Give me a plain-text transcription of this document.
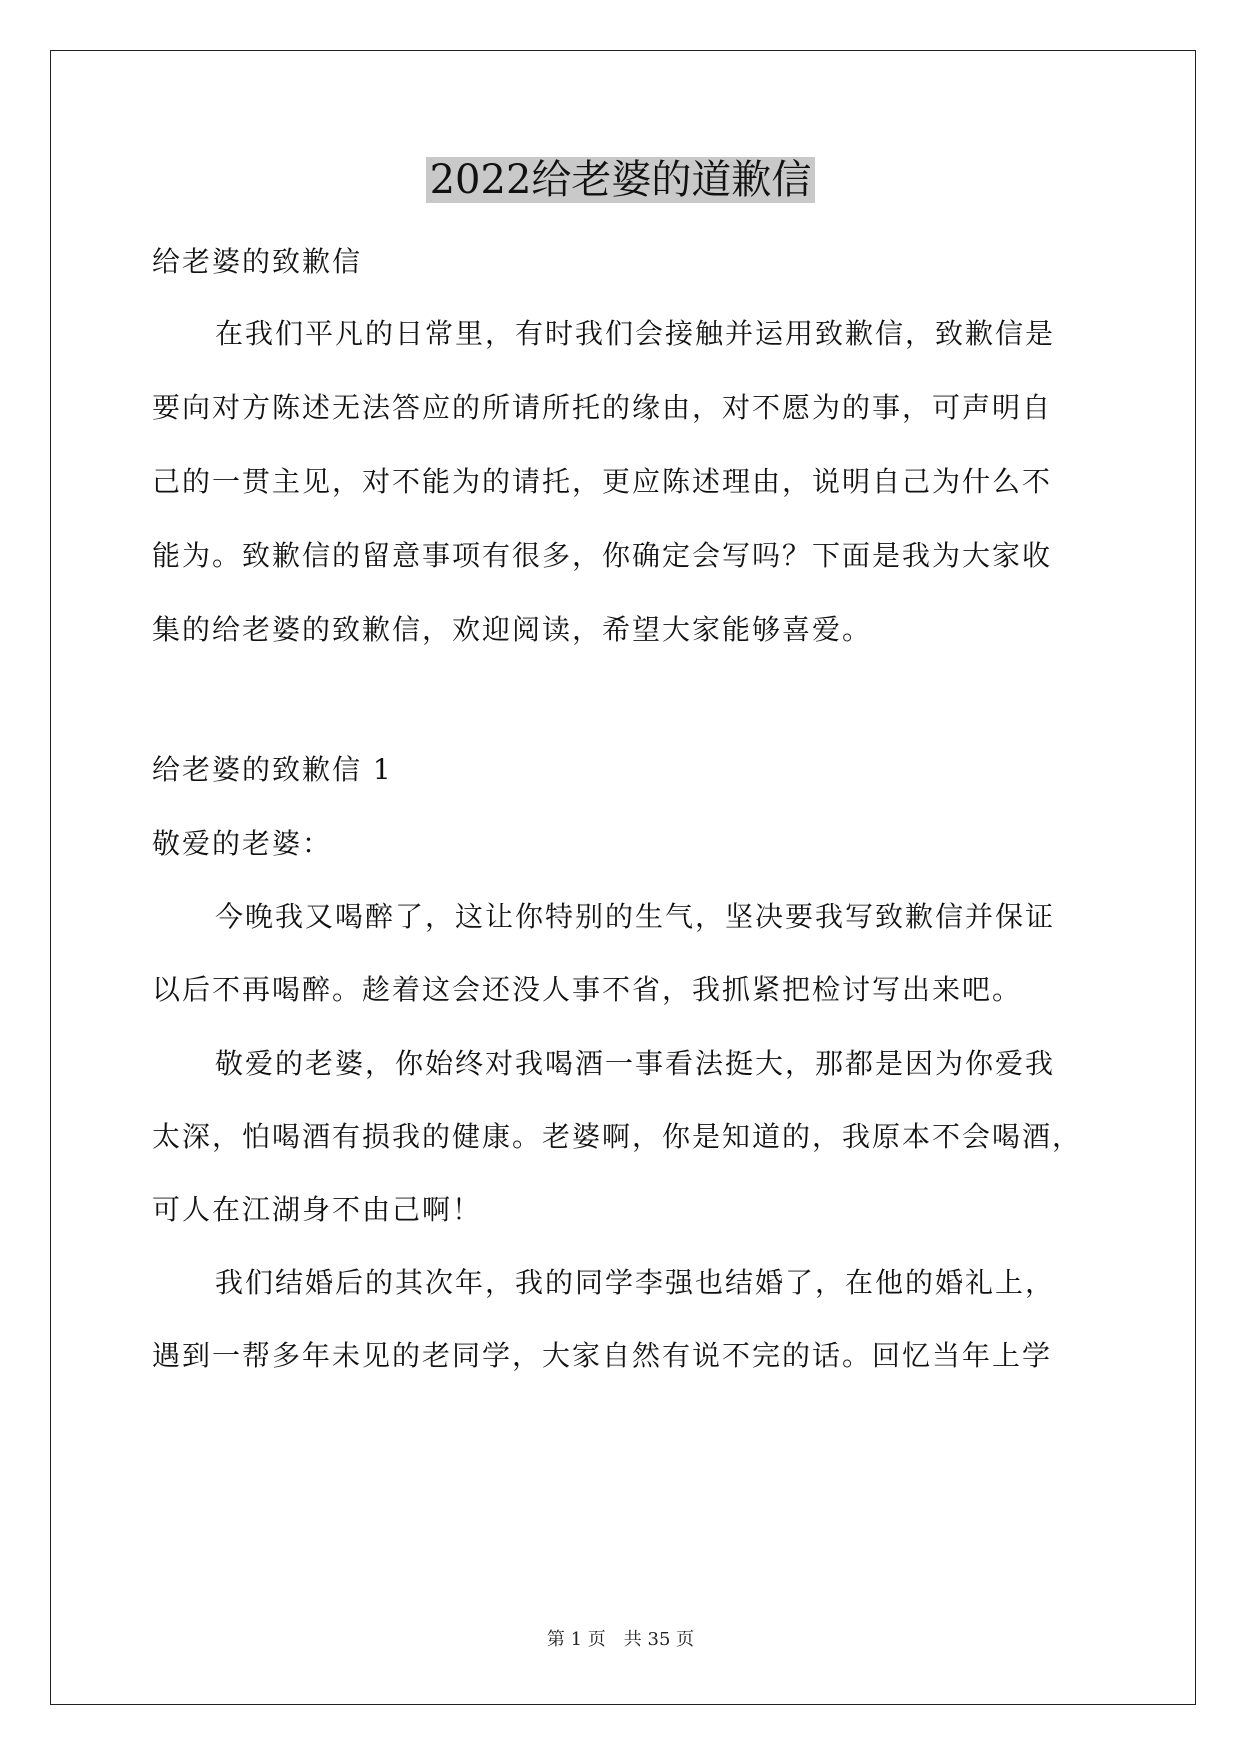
2022给老婆的道歉信
给老婆的致歉信
在我们平凡的日常里，有时我们会接触并运用致歉信，致歉信是
要向对方陈述无法答应的所请所托的缘由，对不愿为的事，可声明自
己的一贯主见，对不能为的请托，更应陈述理由，说明自己为什么不
能为。致歉信的留意事项有很多，你确定会写吗？下面是我为大家收
集的给老婆的致歉信，欢迎阅读，希望大家能够喜爱。
给老婆的致歉信 1
敬爱的老婆：
今晚我又喝醉了，这让你特别的生气，坚决要我写致歉信并保证
以后不再喝醉。趁着这会还没人事不省，我抓紧把检讨写出来吧。
敬爱的老婆，你始终对我喝酒一事看法挺大，那都是因为你爱我
太深，怕喝酒有损我的健康。老婆啊，你是知道的，我原本不会喝酒，
可人在江湖身不由己啊！
我们结婚后的其次年，我的同学李强也结婚了，在他的婚礼上，
遇到一帮多年未见的老同学，大家自然有说不完的话。回忆当年上学
第 1 页　共 35 页
